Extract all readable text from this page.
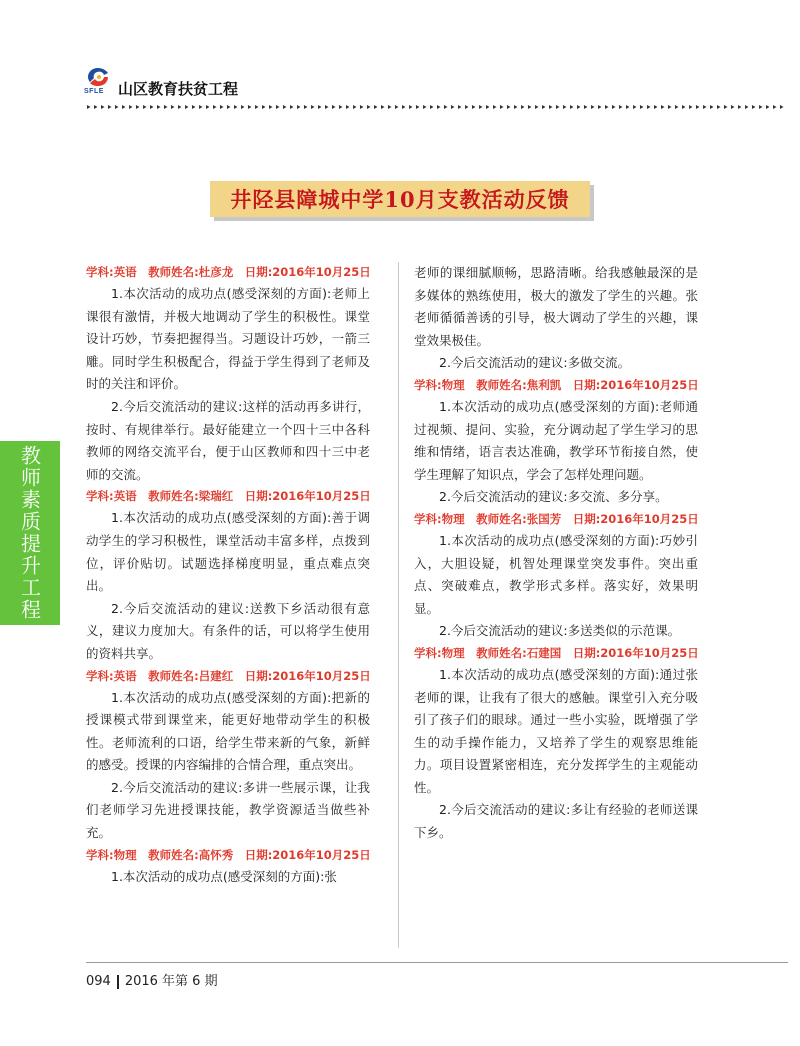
SFLE 山区教育扶贫工程
教师素质提升工程
井陉县障城中学10月支教活动反馈
学科:英语　教师姓名:杜彦龙　日期:2016年10月25日

1.本次活动的成功点(感受深刻的方面):老师上课很有激情，并极大地调动了学生的积极性。课堂设计巧妙，节奏把握得当。习题设计巧妙，一箭三雕。同时学生积极配合，得益于学生得到了老师及时的关注和评价。

2.今后交流活动的建议:这样的活动再多讲行，按时、有规律举行。最好能建立一个四十三中各科教师的网络交流平台，便于山区教师和四十三中老师的交流。

学科:英语　教师姓名:梁瑞红　日期:2016年10月25日

1.本次活动的成功点(感受深刻的方面):善于调动学生的学习积极性，课堂活动丰富多样，点拨到位，评价贴切。试题选择梯度明显，重点难点突出。

2.今后交流活动的建议:送教下乡活动很有意义，建议力度加大。有条件的话，可以将学生使用的资料共享。

学科:英语　教师姓名:吕建红　日期:2016年10月25日

1.本次活动的成功点(感受深刻的方面):把新的授课模式带到课堂来，能更好地带动学生的积极性。老师流利的口语，给学生带来新的气象，新鲜的感受。授课的内容编排的合情合理，重点突出。

2.今后交流活动的建议:多讲一些展示课，让我们老师学习先进授课技能，教学资源适当做些补充。

学科:物理　教师姓名:高怀秀　日期:2016年10月25日

1.本次活动的成功点(感受深刻的方面):张

老师的课细腻顺畅，思路清晰。给我感触最深的是多媒体的熟练使用，极大的激发了学生的兴趣。张老师循循善诱的引导，极大调动了学生的兴趣，课堂效果极佳。

2.今后交流活动的建议:多做交流。

学科:物理　教师姓名:焦利凯　日期:2016年10月25日

1.本次活动的成功点(感受深刻的方面):老师通过视频、提问、实验，充分调动起了学生学习的思维和情绪，语言表达准确，教学环节衔接自然，使学生理解了知识点，学会了怎样处理问题。

2.今后交流活动的建议:多交流、多分享。

学科:物理　教师姓名:张国芳　日期:2016年10月25日

1.本次活动的成功点(感受深刻的方面):巧妙引入，大胆设疑，机智处理课堂突发事件。突出重点、突破难点，教学形式多样。落实好，效果明显。

2.今后交流活动的建议:多送类似的示范课。

学科:物理　教师姓名:石建国　日期:2016年10月25日

1.本次活动的成功点(感受深刻的方面):通过张老师的课，让我有了很大的感触。课堂引入充分吸引了孩子们的眼球。通过一些小实验，既增强了学生的动手操作能力，又培养了学生的观察思维能力。项目设置紧密相连，充分发挥学生的主观能动性。

2.今后交流活动的建议:多让有经验的老师送课下乡。

094 2016 年第 6 期
